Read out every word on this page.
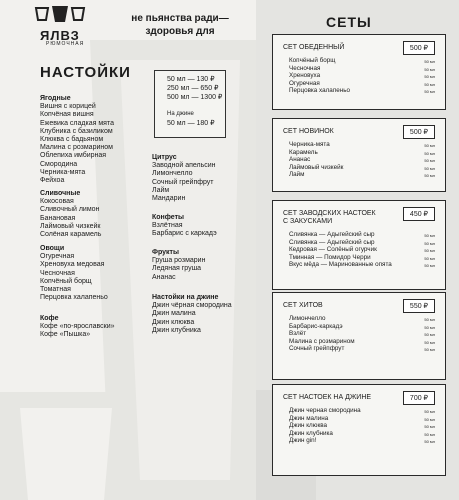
ЯЛВЗ
РЮМОЧНАЯ
не пьянства ради—
здоровья для
НАСТОЙКИ	50 мл — 130 ₽
250 мл — 650 ₽
500 мл — 1300 ₽
На джине
50 мл — 180 ₽
Ягодные
Вишня с корицей
Копчёная вишня
Ежевика сладкая мята
Клубника с базиликом
Клюква с бадьяном
Малина с розмарином
Облепиха имбирная
Смородина
Черника-мята
Фейхоа
Сливочные
Кокосовая
Сливочный лимон
Банановая
Лаймовый чизкейк
Солёная карамель
Овощи
Огуречная
Хреновуха медовая
Чесночная
Копчёный борщ
Томатная
Перцовка халапеньо
Кофе
Кофе «по-ярославски»
Кофе «Пышка»
Цитрус
Заводной апельсин
Лимончелло
Сочный грейпфрут
Лайм
Мандарин
Конфеты
Взлётная
Барбарис с каркадэ
Фрукты
Груша розмарин
Ледяная груша
Ананас
Настойки на джине
Джин чёрная смородина
Джин малина
Джин клюква
Джин клубника
СЕТЫ
СЕТ ОБЕДЕННЫЙ	500 ₽
Копчёный борщ	50 мл
Чесночная	50 мл
Хреновуха	50 мл
Огуречная	50 мл
Перцовка халапеньо	50 мл
СЕТ НОВИНОК	500 ₽
Черника-мята	50 мл
Карамель	50 мл
Ананас	50 мл
Лаймовый чизкейк	50 мл
Лайм	50 мл
СЕТ ЗАВОДСКИХ НАСТОЕК
С ЗАКУСКАМИ
450 ₽
Сливянка — Адыгейский сыр	50 мл
Сливянка — Адыгейский сыр	50 мл
Кедровая — Солёный огурчик	50 мл
Тминная — Помидор Черри	50 мл
Вкус мёда — Маринованные опята	50 мл
СЕТ ХИТОВ	550 ₽
Лимончелло	50 мл
Барбарис-каркадэ	50 мл
Взлёт	50 мл
Малина с розмарином	50 мл
Сочный грейпфрут	50 мл
СЕТ НАСТОЕК НА ДЖИНЕ	700 ₽
Джин черная смородина	50 мл
Джин малина	50 мл
Джин клюква	50 мл
Джин клубника	50 мл
Джин gin!	50 мл
